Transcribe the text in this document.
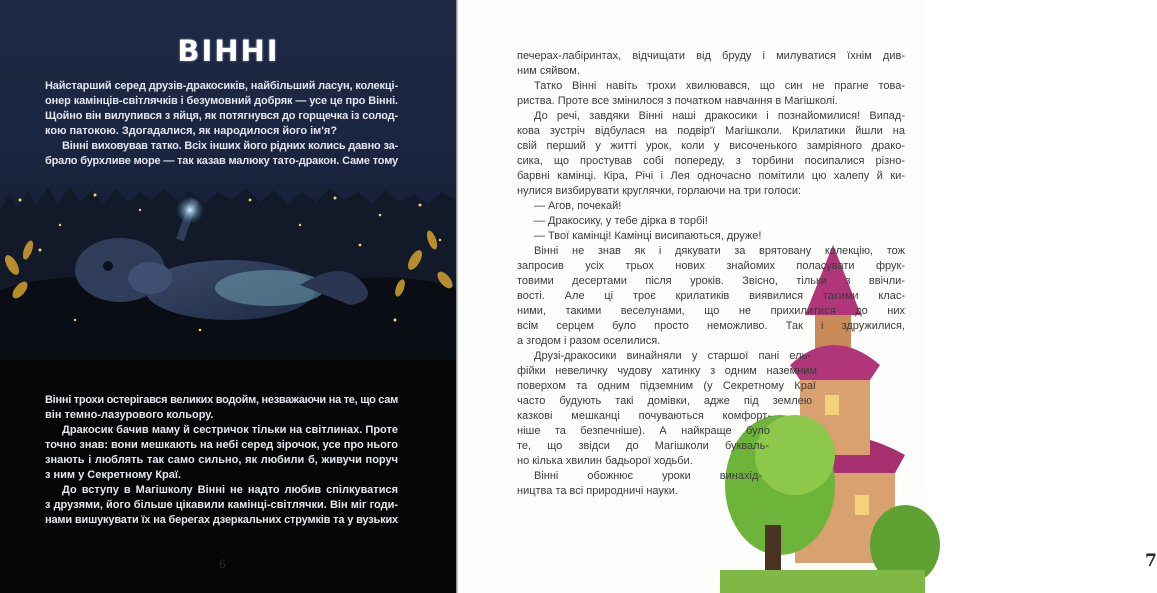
ВІННІ
Найстарший серед друзів-дракосиків, найбільший ласун, колекці-
онер камінців-світлячків і безумовний добряк — усе це про Вінні.
Щойно він вилупився з яйця, як потягнувся до горщечка із солод-
кою патокою. Здогадалися, як народилося його ім'я?
Вінні виховував татко. Всіх інших його рідних колись давно за-
брало бурхливе море — так казав малюку тато-дракон. Саме тому
Вінні трохи остерігався великих водойм, незважаючи на те, що сам
він темно-лазурового кольору.
Дракосик бачив маму й сестричок тільки на світлинах. Проте
точно знав: вони мешкають на небі серед зірочок, усе про нього
знають і люблять так само сильно, як любили б, живучи поруч
з ним у Секретному Краї.
До вступу в Магішколу Вінні не надто любив спілкуватися
з друзями, його більше цікавили камінці-світлячки. Він міг годи-
нами вишукувати їх на берегах дзеркальних струмків та у вузьких
6	7
печерах-лабіринтах, відчищати від бруду і милуватися їхнім див-
ним сяйвом.
Татко Вінні навіть трохи хвилювався, що син не прагне това-
риства. Проте все змінилося з початком навчання в Магішколі.
До речі, завдяки Вінні наші дракосики і познайомилися! Випад-
кова зустріч відбулася на подвір'ї Магішколи. Крилатики йшли на
свій перший у житті урок, коли у височенького замріяного драко-
сика, що простував собі попереду, з торбини посипалися різно-
барвні камінці. Кіра, Річі і Лея одночасно помітили цю халепу й ки-
нулися визбирувати круглячки, горлаючи на три голоси:
— Агов, почекай!
— Дракосику, у тебе дірка в торбі!
— Твої камінці! Камінці висипаються, друже!
Вінні не знав як і дякувати за врятовану колекцію, тож
запросив усіх трьох нових знайомих поласувати фрук-
товими десертами після уроків. Звісно, тільки з ввічли-
вості. Але ці троє крилатиків виявилися такими клас-
ними, такими веселунами, що не прихилитися до них
всім серцем було просто неможливо. Так і здружилися,
а згодом і разом оселилися.
Друзі-дракосики винайняли у старшої пані ель-
фійки невеличку чудову хатинку з одним наземним
поверхом та одним підземним (у Секретному Краї
часто будують такі домівки, адже під землею
казкові мешканці почуваються комфорт-
ніше та безпечніше). А найкраще було
те, що звідси до Магішколи букваль-
но кілька хвилин бадьорої ходьби.
Вінні обожнює уроки винахід-
ництва та всі природничі науки.
